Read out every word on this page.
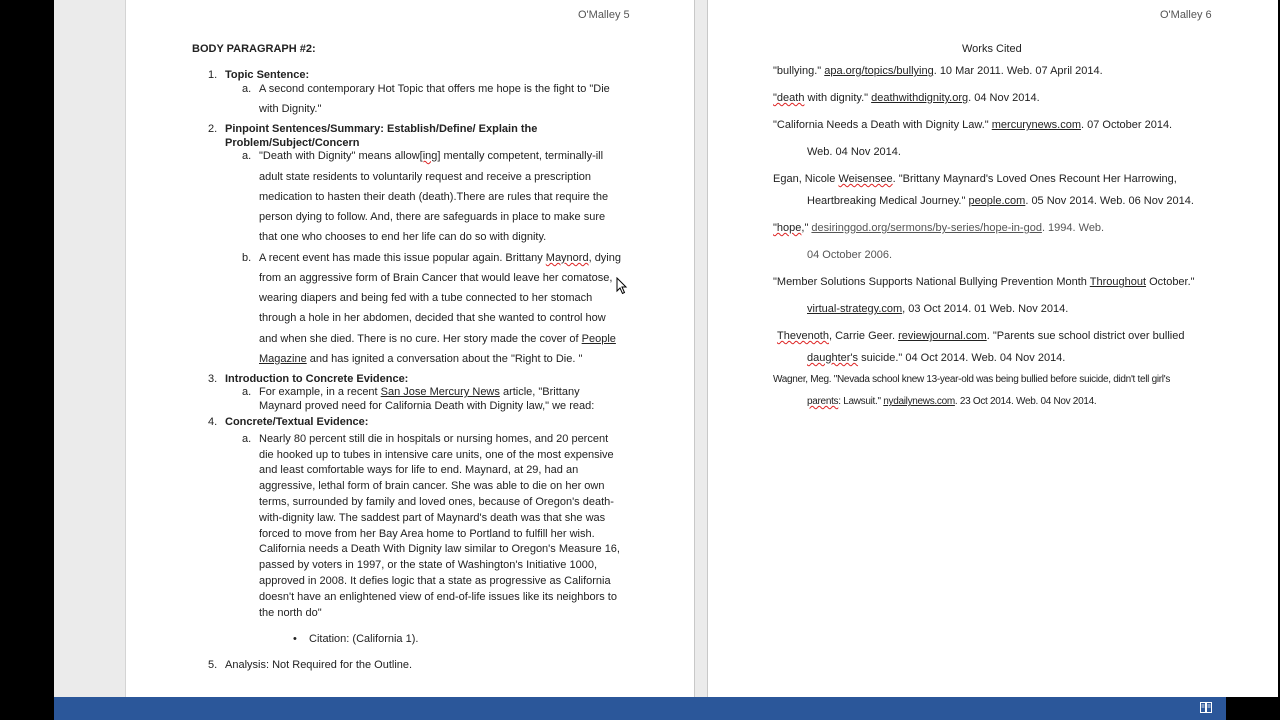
O'Malley 5
BODY PARAGRAPH #2:
1. Topic Sentence:
a. A second contemporary Hot Topic that offers me hope is the fight to "Die
with Dignity."
2. Pinpoint Sentences/Summary: Establish/Define/ Explain the
Problem/Subject/Concern
a. "Death with Dignity" means allow[ing] mentally competent, terminally-ill
adult state residents to voluntarily request and receive a prescription
medication to hasten their death (death).There are rules that require the
person dying to follow. And, there are safeguards in place to make sure
that one who chooses to end her life can do so with dignity.
b. A recent event has made this issue popular again. Brittany Maynord, dying
from an aggressive form of Brain Cancer that would leave her comatose,
wearing diapers and being fed with a tube connected to her stomach
through a hole in her abdomen, decided that she wanted to control how
and when she died. There is no cure. Her story made the cover of People
Magazine and has ignited a conversation about the "Right to Die. "
3. Introduction to Concrete Evidence:
a. For example, in a recent San Jose Mercury News article, "Brittany
Maynard proved need for California Death with Dignity law," we read:
4. Concrete/Textual Evidence:
a. Nearly 80 percent still die in hospitals or nursing homes, and 20 percent
die hooked up to tubes in intensive care units, one of the most expensive
and least comfortable ways for life to end. Maynard, at 29, had an
aggressive, lethal form of brain cancer. She was able to die on her own
terms, surrounded by family and loved ones, because of Oregon's death-
with-dignity law. The saddest part of Maynard's death was that she was
forced to move from her Bay Area home to Portland to fulfill her wish.
California needs a Death With Dignity law similar to Oregon's Measure 16,
passed by voters in 1997, or the state of Washington's Initiative 1000,
approved in 2008. It defies logic that a state as progressive as California
doesn't have an enlightened view of end-of-life issues like its neighbors to
the north do"
• Citation: (California 1).
5. Analysis: Not Required for the Outline.
O'Malley 6
Works Cited
"bullying." apa.org/topics/bullying. 10 Mar 2011. Web. 07 April 2014.
"death with dignity." deathwithdignity.org. 04 Nov 2014.
"California Needs a Death with Dignity Law." mercurynews.com. 07 October 2014.
Web. 04 Nov 2014.
Egan, Nicole Weisensee. "Brittany Maynard's Loved Ones Recount Her Harrowing,
Heartbreaking Medical Journey." people.com. 05 Nov 2014. Web. 06 Nov 2014.
"hope," desiringgod.org/sermons/by-series/hope-in-god. 1994. Web.
04 October 2006.
"Member Solutions Supports National Bullying Prevention Month Throughout October."
virtual-strategy.com, 03 Oct 2014. 01 Web. Nov 2014.
Thevenoth, Carrie Geer. reviewjournal.com. "Parents sue school district over bullied
daughter's suicide." 04 Oct 2014. Web. 04 Nov 2014.
Wagner, Meg. "Nevada school knew 13-year-old was being bullied before suicide, didn't tell girl's
parents: Lawsuit." nydailynews.com. 23 Oct 2014. Web. 04 Nov 2014.
